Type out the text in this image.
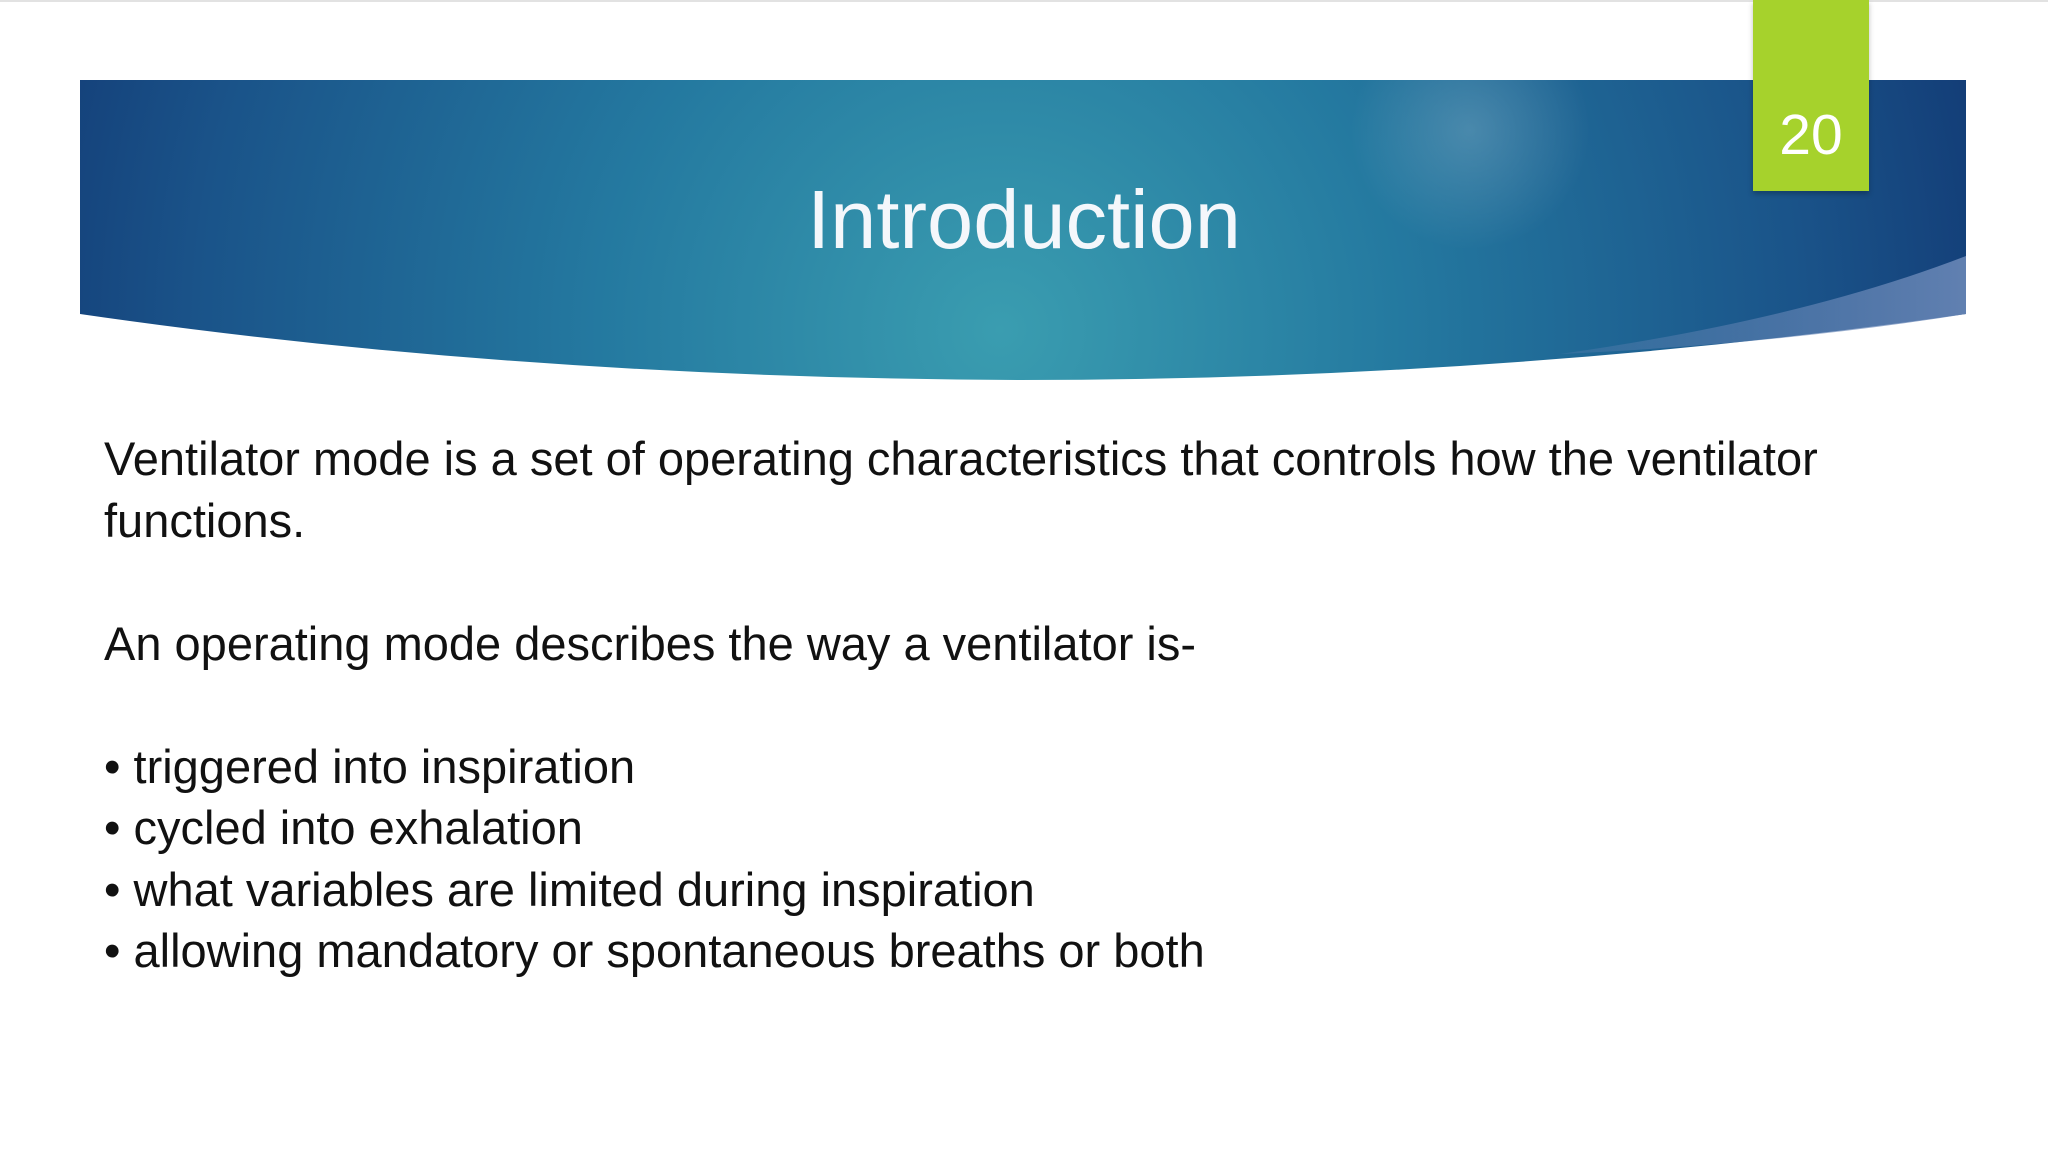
Introduction
20

Ventilator mode is a set of operating characteristics that controls how the ventilator functions.

An operating mode describes the way a ventilator is-

• triggered into inspiration
• cycled into exhalation
• what variables are limited during inspiration
• allowing mandatory or spontaneous breaths or both
